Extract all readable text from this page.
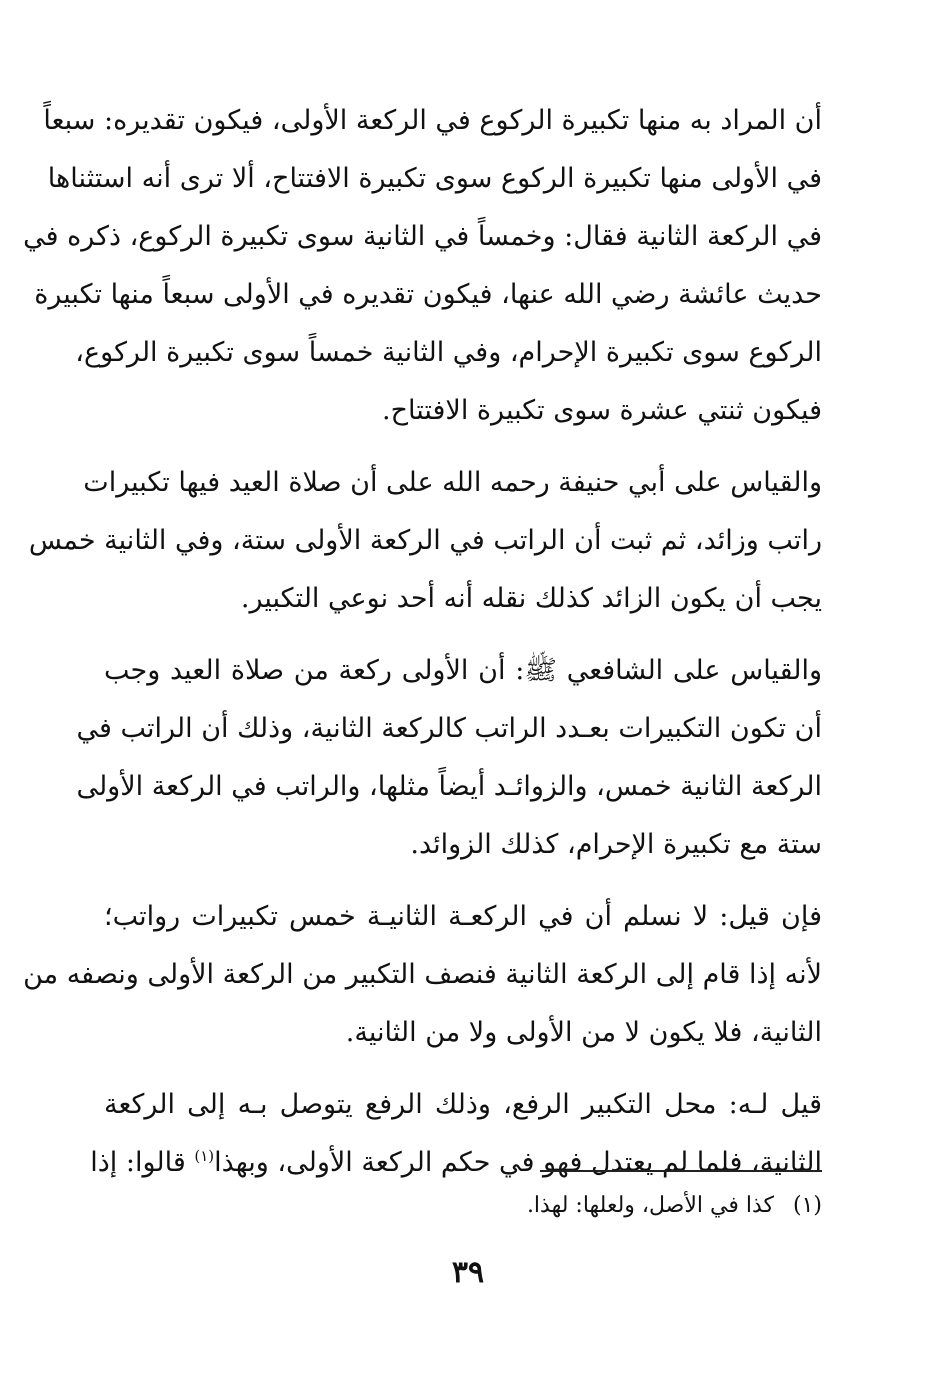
أن المراد به منها تكبيرة الركوع في الركعة الأولى، فيكون تقديره: سبعاً
في الأولى منها تكبيرة الركوع سوى تكبيرة الافتتاح، ألا ترى أنه استثناها
في الركعة الثانية فقال: وخمساً في الثانية سوى تكبيرة الركوع، ذكره في
حديث عائشة رضي الله عنها، فيكون تقديره في الأولى سبعاً منها تكبيرة
الركوع سوى تكبيرة الإحرام، وفي الثانية خمساً سوى تكبيرة الركوع،
فيكون ثنتي عشرة سوى تكبيرة الافتتاح.
والقياس على أبي حنيفة رحمه الله على أن صلاة العيد فيها تكبيرات
راتب وزائد، ثم ثبت أن الراتب في الركعة الأولى ستة، وفي الثانية خمس
يجب أن يكون الزائد كذلك نقله أنه أحد نوعي التكبير.
والقياس على الشافعي ﷺ: أن الأولى ركعة من صلاة العيد وجب
أن تكون التكبيرات بعـدد الراتب كالركعة الثانية، وذلك أن الراتب في
الركعة الثانية خمس، والزوائـد أيضاً مثلها، والراتب في الركعة الأولى
ستة مع تكبيرة الإحرام، كذلك الزوائد.
فإن قيل: لا نسلم أن في الركعـة الثانيـة خمس تكبيرات رواتب؛
لأنه إذا قام إلى الركعة الثانية فنصف التكبير من الركعة الأولى ونصفه من
الثانية، فلا يكون لا من الأولى ولا من الثانية.
قيل لـه: محل التكبير الرفع، وذلك الرفع يتوصل بـه إلى الركعة
الثانية، فلما لم يعتدل فهو في حكم الركعة الأولى، وبهذا$^{(١)}$ قالوا: إذا
(١) كذا في الأصل، ولعلها: لهذا.
٣٩
